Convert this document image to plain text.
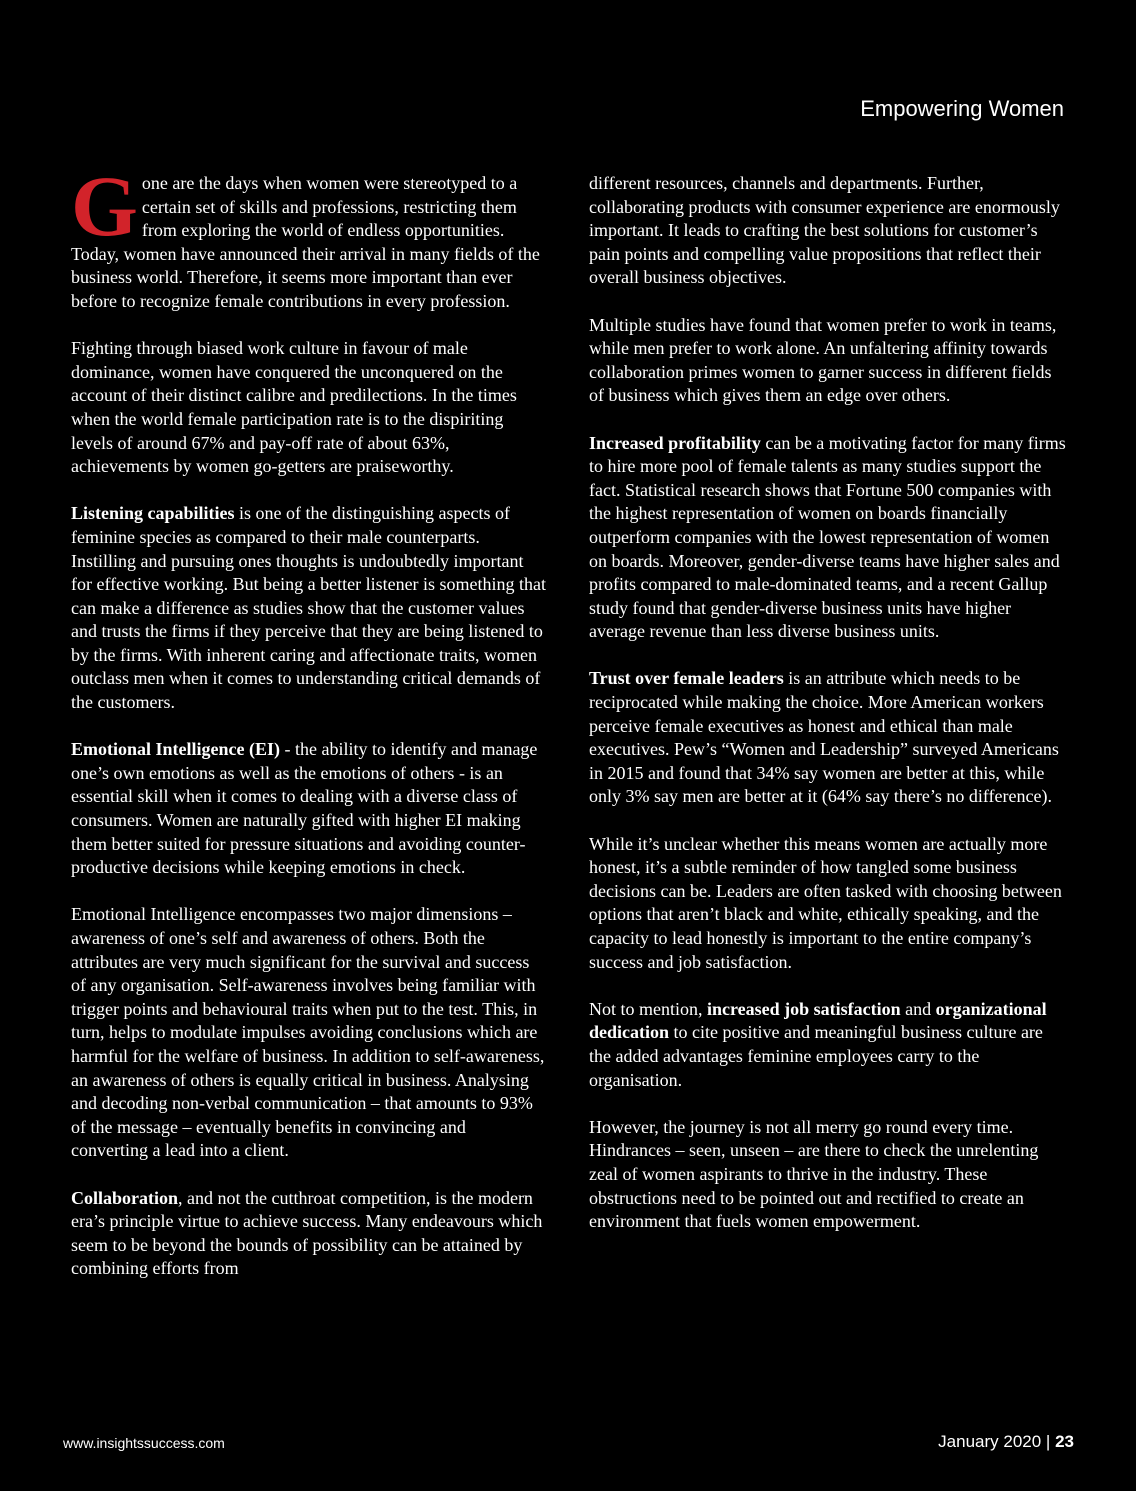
Empowering Women

Gone are the days when women were stereotyped to a certain set of skills and professions, restricting them from exploring the world of endless opportunities. Today, women have announced their arrival in many fields of the business world. Therefore, it seems more important than ever before to recognize female contributions in every profession.

Fighting through biased work culture in favour of male dominance, women have conquered the unconquered on the account of their distinct calibre and predilections. In the times when the world female participation rate is to the dispiriting levels of around 67% and pay-off rate of about 63%, achievements by women go-getters are praiseworthy.

Listening capabilities is one of the distinguishing aspects of feminine species as compared to their male counterparts. Instilling and pursuing ones thoughts is undoubtedly important for effective working. But being a better listener is something that can make a difference as studies show that the customer values and trusts the firms if they perceive that they are being listened to by the firms. With inherent caring and affectionate traits, women outclass men when it comes to understanding critical demands of the customers.

Emotional Intelligence (EI) - the ability to identify and manage one’s own emotions as well as the emotions of others - is an essential skill when it comes to dealing with a diverse class of consumers. Women are naturally gifted with higher EI making them better suited for pressure situations and avoiding counter-productive decisions while keeping emotions in check.

Emotional Intelligence encompasses two major dimensions – awareness of one’s self and awareness of others. Both the attributes are very much significant for the survival and success of any organisation. Self-awareness involves being familiar with trigger points and behavioural traits when put to the test. This, in turn, helps to modulate impulses avoiding conclusions which are harmful for the welfare of business. In addition to self-awareness, an awareness of others is equally critical in business. Analysing and decoding non-verbal communication – that amounts to 93% of the message – eventually benefits in convincing and converting a lead into a client.

Collaboration, and not the cutthroat competition, is the modern era’s principle virtue to achieve success. Many endeavours which seem to be beyond the bounds of possibility can be attained by combining efforts from

different resources, channels and departments. Further, collaborating products with consumer experience are enormously important. It leads to crafting the best solutions for customer’s pain points and compelling value propositions that reflect their overall business objectives.

Multiple studies have found that women prefer to work in teams, while men prefer to work alone. An unfaltering affinity towards collaboration primes women to garner success in different fields of business which gives them an edge over others.

Increased profitability can be a motivating factor for many firms to hire more pool of female talents as many studies support the fact. Statistical research shows that Fortune 500 companies with the highest representation of women on boards financially outperform companies with the lowest representation of women on boards. Moreover, gender-diverse teams have higher sales and profits compared to male-dominated teams, and a recent Gallup study found that gender-diverse business units have higher average revenue than less diverse business units.

Trust over female leaders is an attribute which needs to be reciprocated while making the choice. More American workers perceive female executives as honest and ethical than male executives. Pew’s “Women and Leadership” surveyed Americans in 2015 and found that 34% say women are better at this, while only 3% say men are better at it (64% say there’s no difference).

While it’s unclear whether this means women are actually more honest, it’s a subtle reminder of how tangled some business decisions can be. Leaders are often tasked with choosing between options that aren’t black and white, ethically speaking, and the capacity to lead honestly is important to the entire company’s success and job satisfaction.

Not to mention, increased job satisfaction and organizational dedication to cite positive and meaningful business culture are the added advantages feminine employees carry to the organisation.

However, the journey is not all merry go round every time. Hindrances – seen, unseen – are there to check the unrelenting zeal of women aspirants to thrive in the industry. These obstructions need to be pointed out and rectified to create an environment that fuels women empowerment.

www.insightssuccess.com	January 2020 | 23
